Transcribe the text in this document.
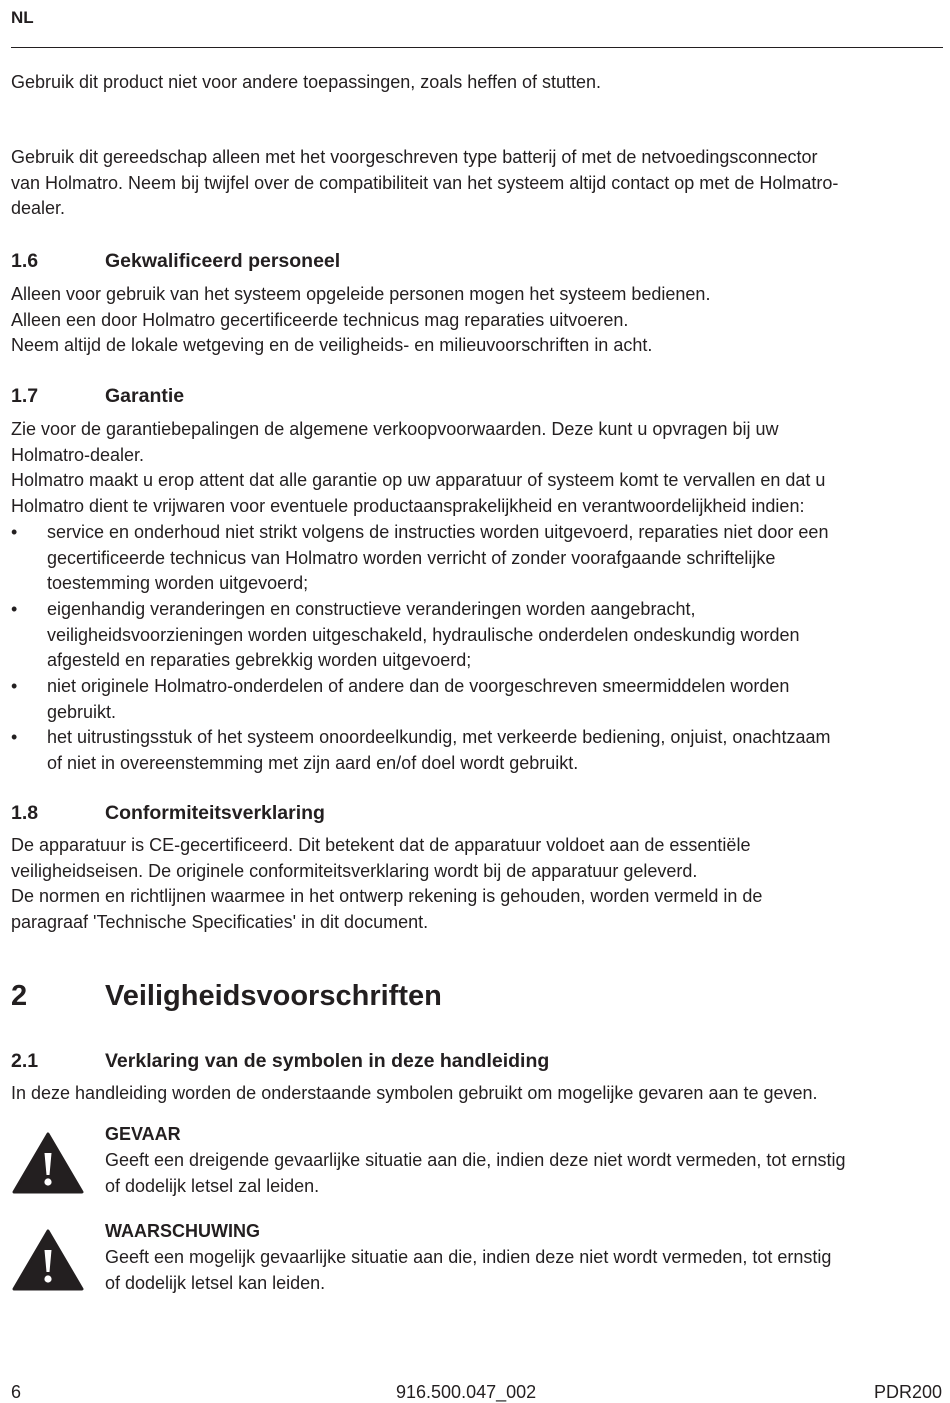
NL

Gebruik dit product niet voor andere toepassingen, zoals heffen of stutten.

Gebruik dit gereedschap alleen met het voorgeschreven type batterij of met de netvoedingsconnector
van Holmatro. Neem bij twijfel over de compatibiliteit van het systeem altijd contact op met de Holmatro-
dealer.

1.6	Gekwalificeerd personeel

Alleen voor gebruik van het systeem opgeleide personen mogen het systeem bedienen.
Alleen een door Holmatro gecertificeerde technicus mag reparaties uitvoeren.
Neem altijd de lokale wetgeving en de veiligheids- en milieuvoorschriften in acht.

1.7	Garantie

Zie voor de garantiebepalingen de algemene verkoopvoorwaarden. Deze kunt u opvragen bij uw
Holmatro-dealer.
Holmatro maakt u erop attent dat alle garantie op uw apparatuur of systeem komt te vervallen en dat u
Holmatro dient te vrijwaren voor eventuele productaansprakelijkheid en verantwoordelijkheid indien:

• service en onderhoud niet strikt volgens de instructies worden uitgevoerd, reparaties niet door een
gecertificeerde technicus van Holmatro worden verricht of zonder voorafgaande schriftelijke
toestemming worden uitgevoerd;

• eigenhandig veranderingen en constructieve veranderingen worden aangebracht,
veiligheidsvoorzieningen worden uitgeschakeld, hydraulische onderdelen ondeskundig worden
afgesteld en reparaties gebrekkig worden uitgevoerd;

• niet originele Holmatro-onderdelen of andere dan de voorgeschreven smeermiddelen worden
gebruikt.

• het uitrustingsstuk of het systeem onoordeelkundig, met verkeerde bediening, onjuist, onachtzaam
of niet in overeenstemming met zijn aard en/of doel wordt gebruikt.

1.8	Conformiteitsverklaring

De apparatuur is CE-gecertificeerd. Dit betekent dat de apparatuur voldoet aan de essentiële
veiligheidseisen. De originele conformiteitsverklaring wordt bij de apparatuur geleverd.
De normen en richtlijnen waarmee in het ontwerp rekening is gehouden, worden vermeld in de
paragraaf 'Technische Specificaties' in dit document.

2	Veiligheidsvoorschriften
2.1	Verklaring van de symbolen in deze handleiding

In deze handleiding worden de onderstaande symbolen gebruikt om mogelijke gevaren aan te geven.

GEVAAR

Geeft een dreigende gevaarlijke situatie aan die, indien deze niet wordt vermeden, tot ernstig
of dodelijk letsel zal leiden.

WAARSCHUWING

Geeft een mogelijk gevaarlijke situatie aan die, indien deze niet wordt vermeden, tot ernstig
of dodelijk letsel kan leiden.

6	916.500.047_002	PDR200
